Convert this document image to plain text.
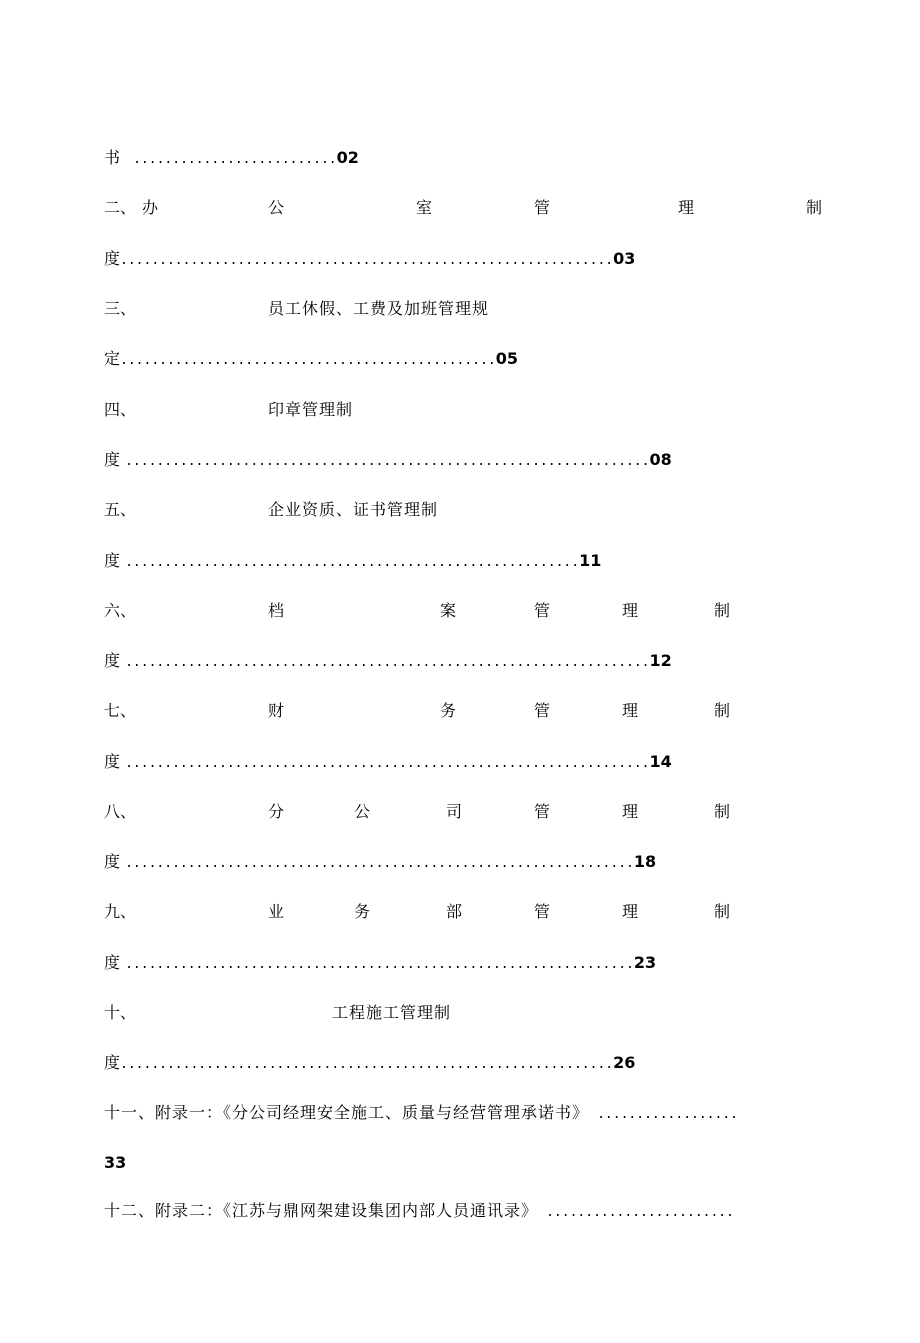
书 ..........................02
二、 办	公	室	管	理	制
度...............................................................03
三、	员工休假、工费及加班管理规
定................................................05
四、	印章管理制
度 ...................................................................08
五、	企业资质、证书管理制
度 ..........................................................11
六、	档	案	管	理	制
度 ...................................................................12
七、	财	务	管	理	制
度 ...................................................................14
八、	分	公	司	管	理	制
度 .................................................................18
九、	业	务	部	管	理	制
度 .................................................................23
十、	工程施工管理制
度...............................................................26
十一、附录一：《分公司经理安全施工、质量与经营管理承诺书》 ..................
33
十二、附录二：《江苏与鼎网架建设集团内部人员通讯录》 ........................
